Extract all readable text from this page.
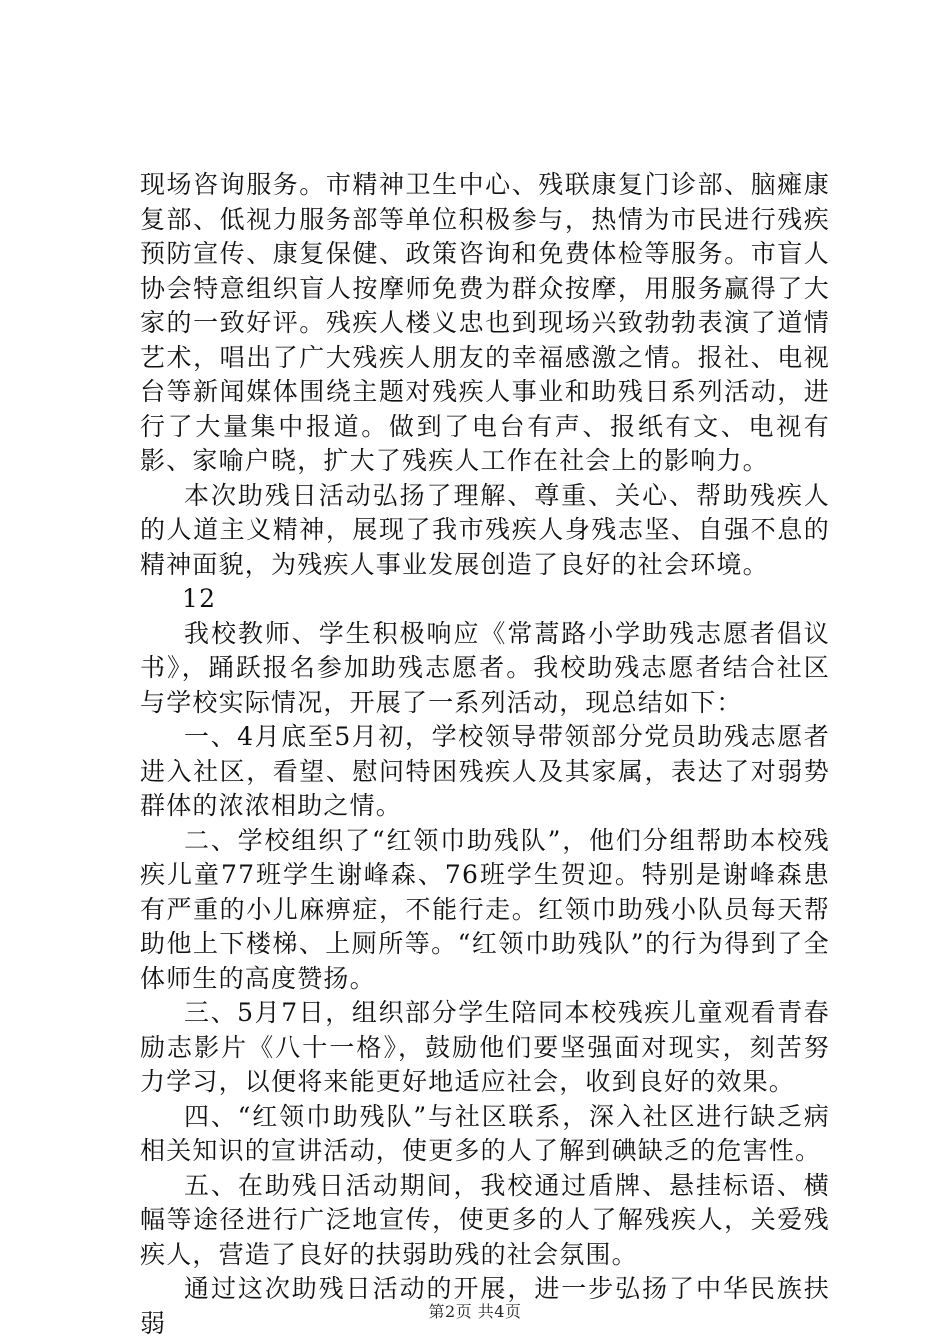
现场咨询服务。市精神卫生中心、残联康复门诊部、脑瘫康复部、低视力服务部等单位积极参与，热情为市民进行残疾预防宣传、康复保健、政策咨询和免费体检等服务。市盲人协会特意组织盲人按摩师免费为群众按摩，用服务赢得了大家的一致好评。残疾人楼义忠也到现场兴致勃勃表演了道情艺术，唱出了广大残疾人朋友的幸福感激之情。报社、电视台等新闻媒体围绕主题对残疾人事业和助残日系列活动，进行了大量集中报道。做到了电台有声、报纸有文、电视有影、家喻户晓，扩大了残疾人工作在社会上的影响力。

本次助残日活动弘扬了理解、尊重、关心、帮助残疾人的人道主义精神，展现了我市残疾人身残志坚、自强不息的精神面貌，为残疾人事业发展创造了良好的社会环境。

12

我校教师、学生积极响应《常蒿路小学助残志愿者倡议书》，踊跃报名参加助残志愿者。我校助残志愿者结合社区与学校实际情况，开展了一系列活动，现总结如下：

一、4月底至5月初，学校领导带领部分党员助残志愿者进入社区，看望、慰问特困残疾人及其家属，表达了对弱势群体的浓浓相助之情。

二、学校组织了“红领巾助残队”，他们分组帮助本校残疾儿童77班学生谢峰森、76班学生贺迎。特别是谢峰森患有严重的小儿麻痹症，不能行走。红领巾助残小队员每天帮助他上下楼梯、上厕所等。“红领巾助残队”的行为得到了全体师生的高度赞扬。

三、5月7日，组织部分学生陪同本校残疾儿童观看青春励志影片《八十一格》，鼓励他们要坚强面对现实，刻苦努力学习，以便将来能更好地适应社会，收到良好的效果。

四、“红领巾助残队”与社区联系，深入社区进行缺乏病相关知识的宣讲活动，使更多的人了解到碘缺乏的危害性。

五、在助残日活动期间，我校通过盾牌、悬挂标语、横幅等途径进行广泛地宣传，使更多的人了解残疾人，关爱残疾人，营造了良好的扶弱助残的社会氛围。

通过这次助残日活动的开展，进一步弘扬了中华民族扶弱	第2页 共4页
